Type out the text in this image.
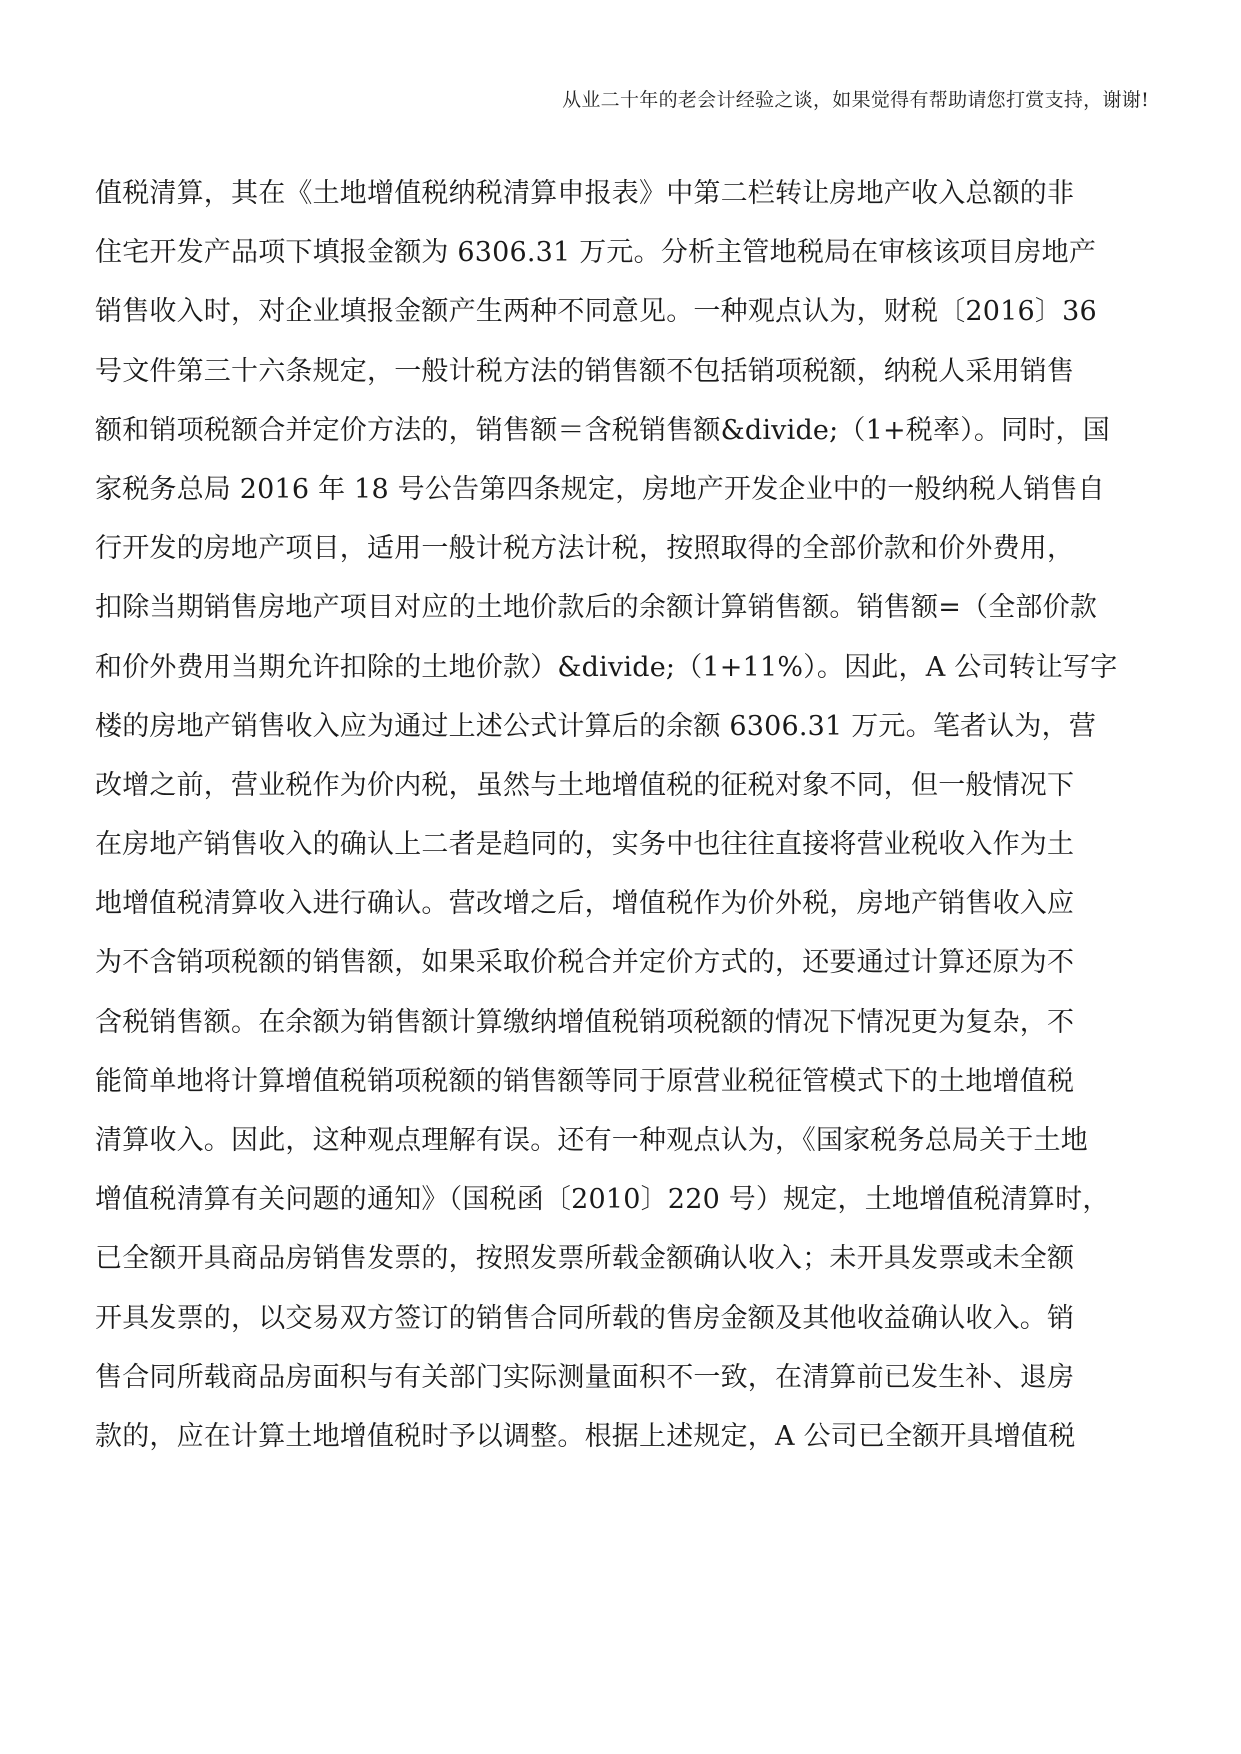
从业二十年的老会计经验之谈，如果觉得有帮助请您打赏支持，谢谢!
值税清算，其在《土地增值税纳税清算申报表》中第二栏转让房地产收入总额的非
住宅开发产品项下填报金额为 6306.31 万元。分析主管地税局在审核该项目房地产
销售收入时，对企业填报金额产生两种不同意见。一种观点认为，财税〔2016〕36
号文件第三十六条规定，一般计税方法的销售额不包括销项税额，纳税人采用销售
额和销项税额合并定价方法的，销售额＝含税销售额&divide;（1+税率）。同时，国
家税务总局 2016 年 18 号公告第四条规定，房地产开发企业中的一般纳税人销售自
行开发的房地产项目，适用一般计税方法计税，按照取得的全部价款和价外费用，
扣除当期销售房地产项目对应的土地价款后的余额计算销售额。销售额=（全部价款
和价外费用当期允许扣除的土地价款）&divide;（1+11%）。因此，A 公司转让写字
楼的房地产销售收入应为通过上述公式计算后的余额 6306.31 万元。笔者认为，营
改增之前，营业税作为价内税，虽然与土地增值税的征税对象不同，但一般情况下
在房地产销售收入的确认上二者是趋同的，实务中也往往直接将营业税收入作为土
地增值税清算收入进行确认。营改增之后，增值税作为价外税，房地产销售收入应
为不含销项税额的销售额，如果采取价税合并定价方式的，还要通过计算还原为不
含税销售额。在余额为销售额计算缴纳增值税销项税额的情况下情况更为复杂，不
能简单地将计算增值税销项税额的销售额等同于原营业税征管模式下的土地增值税
清算收入。因此，这种观点理解有误。还有一种观点认为，《国家税务总局关于土地
增值税清算有关问题的通知》（国税函〔2010〕220 号）规定，土地增值税清算时，
已全额开具商品房销售发票的，按照发票所载金额确认收入；未开具发票或未全额
开具发票的，以交易双方签订的销售合同所载的售房金额及其他收益确认收入。销
售合同所载商品房面积与有关部门实际测量面积不一致，在清算前已发生补、退房
款的，应在计算土地增值税时予以调整。根据上述规定，A 公司已全额开具增值税
